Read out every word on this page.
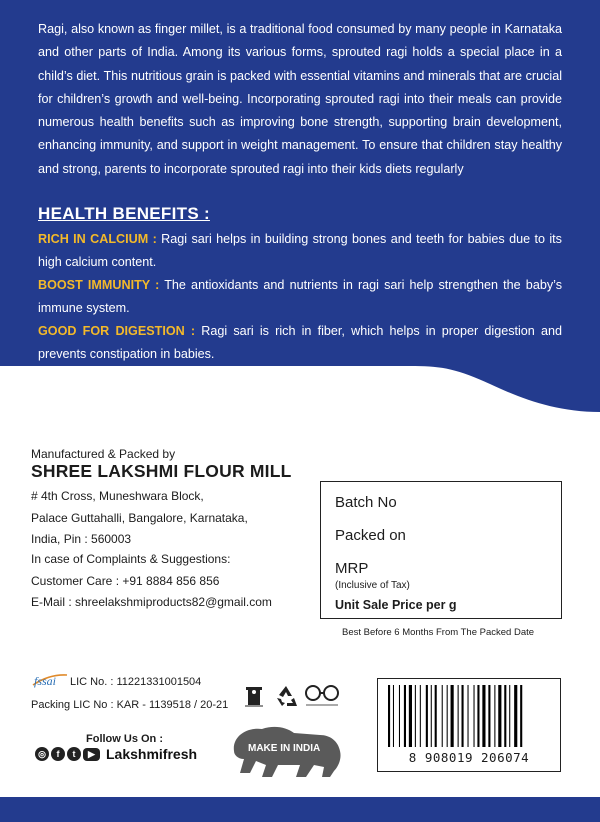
Ragi, also known as finger millet, is a traditional food consumed by many people in Karnataka and other parts of India. Among its various forms, sprouted ragi holds a special place in a child’s diet. This nutritious grain is packed with essential vitamins and minerals that are crucial for children’s growth and well-being. Incorporating sprouted ragi into their meals can provide numerous health benefits such as improving bone strength, supporting brain development, enhancing immunity, and support in weight management. To ensure that children stay healthy and strong, parents to incorporate sprouted ragi into their kids diets regularly

HEALTH BENEFITS :

RICH IN CALCIUM : Ragi sari helps in building strong bones and teeth for babies due to its high calcium content.

BOOST IMMUNITY : The antioxidants and nutrients in ragi sari help strengthen the baby’s immune system.

GOOD FOR DIGESTION : Ragi sari is rich in fiber, which helps in proper digestion and prevents constipation in babies.

Manufactured & Packed by

SHREE LAKSHMI FLOUR MILL

# 4th Cross, Muneshwara Block,
Palace Guttahalli, Bangalore, Karnataka,
India, Pin : 560003
In case of Complaints & Suggestions:
Customer Care : +91 8884 856 856
E-Mail : shreelakshmiproducts82@gmail.com
Batch No
Packed on
MRP
(Inclusive of Tax)
Unit Sale Price per g
Best Before 6 Months From The Packed Date
fssai LIC No. : 11221331001504
Packing LIC No : KAR - 1139518 / 20-21
Follow Us On :
◎	f	t	▶ Lakshmifresh	MAKE IN INDIA
8 908019 206074
